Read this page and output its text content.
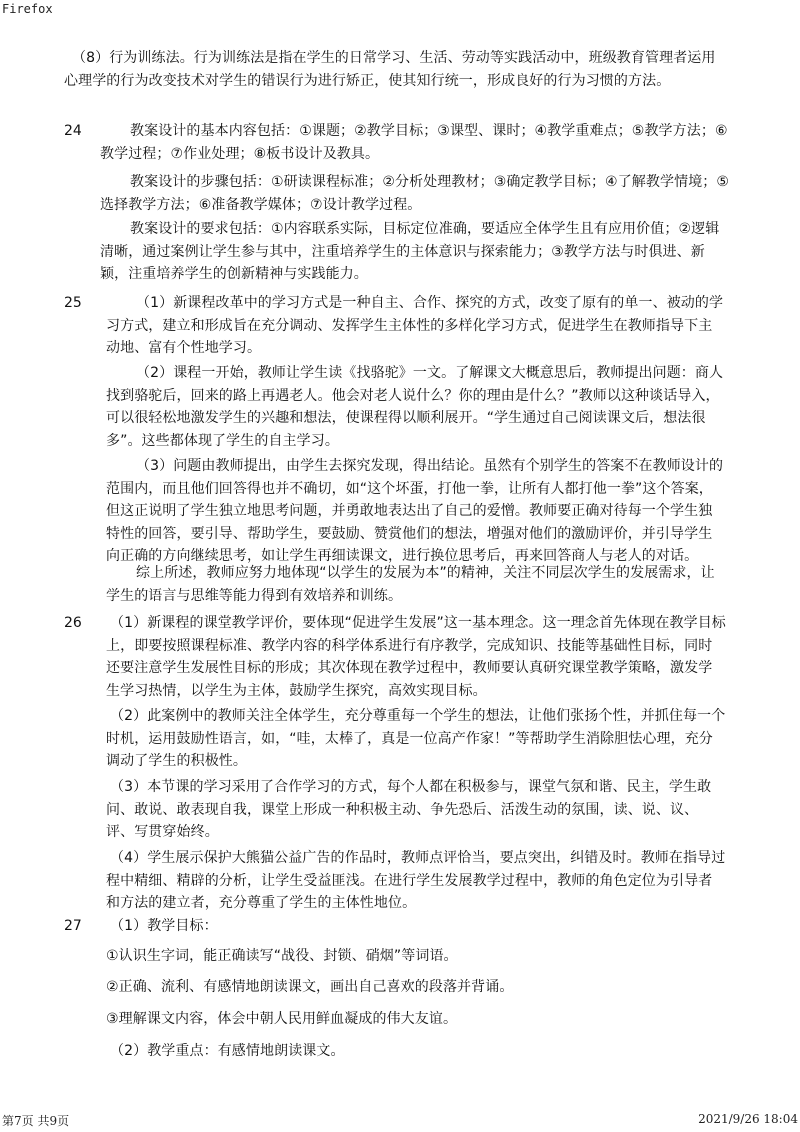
Firefox
（8）行为训练法。行为训练法是指在学生的日常学习、生活、劳动等实践活动中，班级教育管理者运用心理学的行为改变技术对学生的错误行为进行矫正，使其知行统一，形成良好的行为习惯的方法。
24	教案设计的基本内容包括：①课题；②教学目标；③课型、课时；④教学重难点；⑤教学方法；⑥教学过程；⑦作业处理；⑧板书设计及教具。
教案设计的步骤包括：①研读课程标准；②分析处理教材；③确定教学目标；④了解教学情境；⑤选择教学方法；⑥准备教学媒体；⑦设计教学过程。
教案设计的要求包括：①内容联系实际，目标定位准确，要适应全体学生且有应用价值；②逻辑清晰，通过案例让学生参与其中，注重培养学生的主体意识与探索能力；③教学方法与时俱进、新颖，注重培养学生的创新精神与实践能力。
25	（1）新课程改革中的学习方式是一种自主、合作、探究的方式，改变了原有的单一、被动的学习方式，建立和形成旨在充分调动、发挥学生主体性的多样化学习方式，促进学生在教师指导下主动地、富有个性地学习。
（2）课程一开始，教师让学生读《找骆驼》一文。了解课文大概意思后，教师提出问题：商人找到骆驼后，回来的路上再遇老人。他会对老人说什么？你的理由是什么？”教师以这种谈话导入，可以很轻松地激发学生的兴趣和想法，使课程得以顺利展开。“学生通过自己阅读课文后，想法很多”。这些都体现了学生的自主学习。
（3）问题由教师提出，由学生去探究发现，得出结论。虽然有个别学生的答案不在教师设计的范围内，而且他们回答得也并不确切，如“这个坏蛋，打他一拳，让所有人都打他一拳”这个答案，但这正说明了学生独立地思考问题，并勇敢地表达出了自己的爱憎。教师要正确对待每一个学生独特性的回答，要引导、帮助学生，要鼓励、赞赏他们的想法，增强对他们的激励评价，并引导学生向正确的方向继续思考，如让学生再细读课文，进行换位思考后，再来回答商人与老人的对话。
综上所述，教师应努力地体现“以学生的发展为本”的精神，关注不同层次学生的发展需求，让学生的语言与思维等能力得到有效培养和训练。
26 （1）新课程的课堂教学评价，要体现“促进学生发展”这一基本理念。这一理念首先体现在教学目标上，即要按照课程标准、教学内容的科学体系进行有序教学，完成知识、技能等基础性目标，同时还要注意学生发展性目标的形成；其次体现在教学过程中，教师要认真研究课堂教学策略，激发学生学习热情，以学生为主体，鼓励学生探究，高效实现目标。
（2）此案例中的教师关注全体学生，充分尊重每一个学生的想法，让他们张扬个性，并抓住每一个时机，运用鼓励性语言，如，“哇，太棒了，真是一位高产作家！”等帮助学生消除胆怯心理，充分调动了学生的积极性。
（3）本节课的学习采用了合作学习的方式，每个人都在积极参与，课堂气氛和谐、民主，学生敢问、敢说、敢表现自我，课堂上形成一种积极主动、争先恐后、活泼生动的氛围，读、说、议、评、写贯穿始终。
（4）学生展示保护大熊猫公益广告的作品时，教师点评恰当，要点突出，纠错及时。教师在指导过程中精细、精辟的分析，让学生受益匪浅。在进行学生发展教学过程中，教师的角色定位为引导者和方法的建立者，充分尊重了学生的主体性地位。
27 （1）教学目标：
①认识生字词，能正确读写“战役、封锁、硝烟”等词语。
②正确、流利、有感情地朗读课文，画出自己喜欢的段落并背诵。
③理解课文内容，体会中朝人民用鲜血凝成的伟大友谊。
（2）教学重点：有感情地朗读课文。
第7页 共9页	2021/9/26 18:04
